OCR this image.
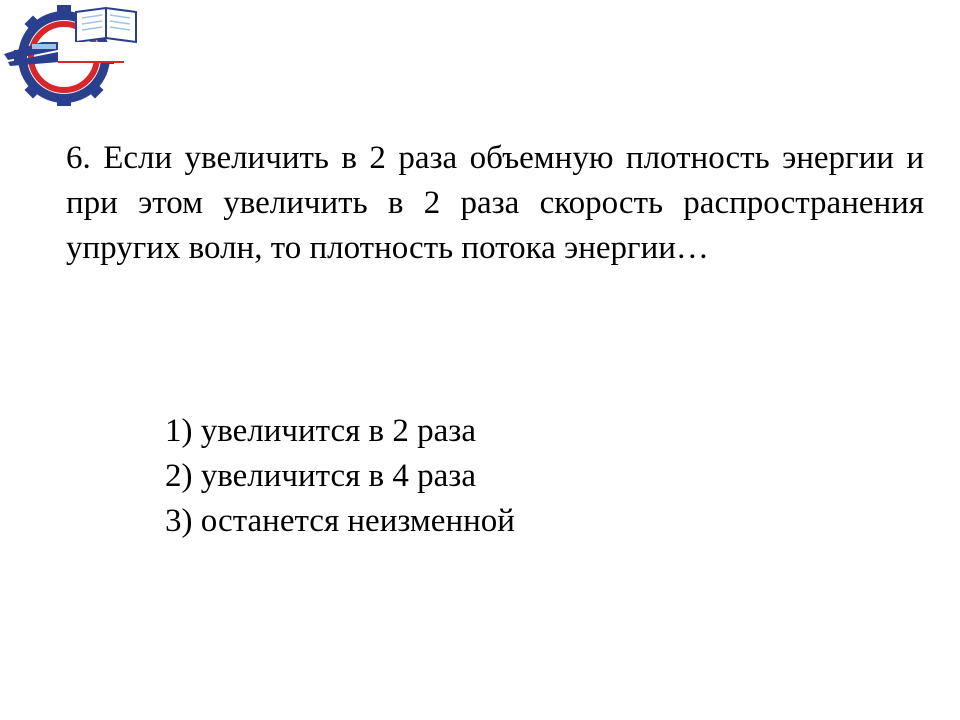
6. Если увеличить в 2 раза объемную плотность энергии и при этом увеличить в 2 раза скорость распространения упругих волн, то плотность потока энергии…

1) увеличится в 2 раза
2) увеличится в 4 раза
3) останется неизменной
